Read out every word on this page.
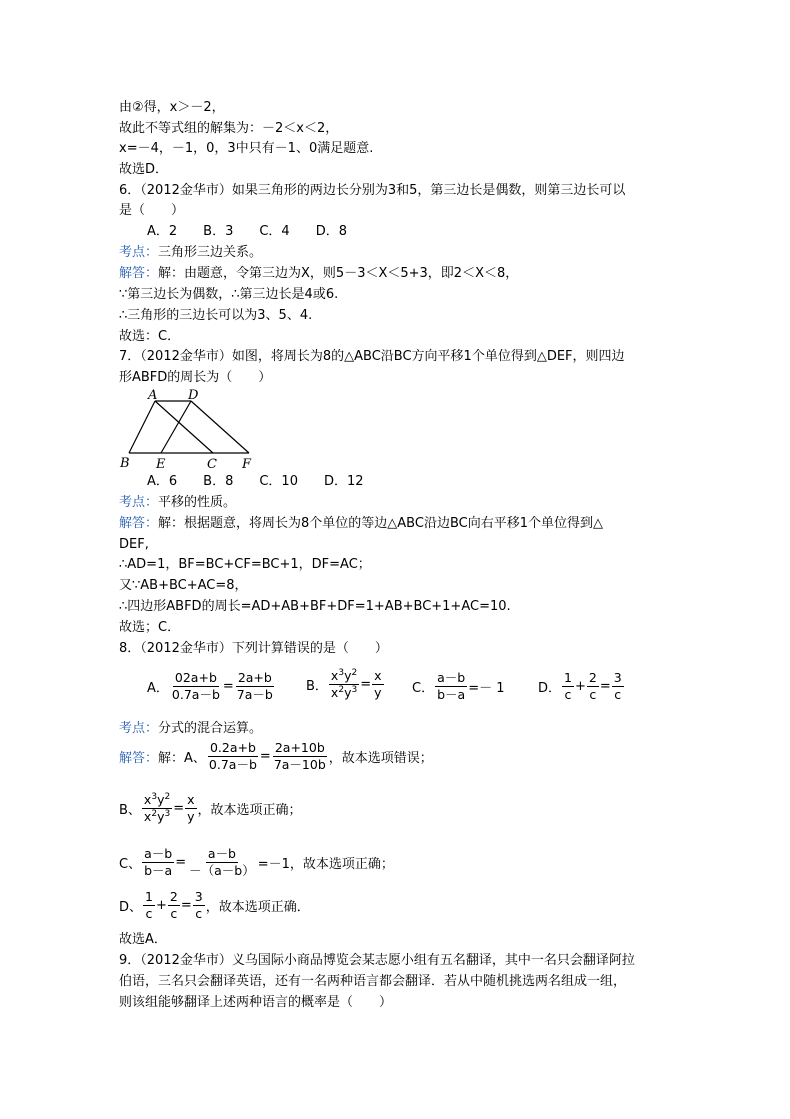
由②得，x＞－2，
故此不等式组的解集为：－2＜x＜2，
x=－4，－1，0，3中只有－1、0满足题意.
故选D．
6．（2012金华市）如果三角形的两边长分别为3和5，第三边长是偶数，则第三边长可以
是（　　）
A．2　　B．3　　C．4　　D．8
考点：三角形三边关系。
解答：解：由题意，令第三边为X，则5－3＜X＜5+3，即2＜X＜8，
∵第三边长为偶数，∴第三边长是4或6.
∴三角形的三边长可以为3、5、4.
故选：C．
7．（2012金华市）如图，将周长为8的△ABC沿BC方向平移1个单位得到△DEF，则四边
形ABFD的周长为（　　）
A D
B E	C F
A．6　　B．8　　C．10　　D．12
考点：平移的性质。
解答：解：根据题意，将周长为8个单位的等边△ABC沿边BC向右平移1个单位得到△
DEF,
∴AD=1，BF=BC+CF=BC+1，DF=AC；
又∵AB+BC+AC=8，
∴四边形ABFD的周长=AD+AB+BF+DF=1+AB+BC+1+AC=10.
故选；C．
8．（2012金华市）下列计算错误的是（　　）
A． $\frac{02a+b}{0.7a-b} = \frac{2a+b}{7a-b}$ B． $\frac{x^3y^2}{x^2y^3} = \frac{x}{y}$ C． $\frac{a-b}{b-a} =- 1$	D． $\frac{1}{c} + \frac{2}{c} = \frac{3}{c}$
考点：分式的混合运算。
解答： 解：A、 $\frac{0.2a+b}{0.7a-b} = \frac{2a+10b}{7a-10b}$ ，故本选项错误；
B、 $\frac{x^3y^2}{x^2y^3} = \frac{x}{y}$ ，故本选项正确；
C、 $\frac{a-b}{b-a} = \frac{a-b}{-(a-b)} =-1$，故本选项正确；
D、 $\frac{1}{c} + \frac{2}{c} = \frac{3}{c}$ ，故本选项正确．
故选A．
9．（2012金华市）义乌国际小商品博览会某志愿小组有五名翻译，其中一名只会翻译阿拉
伯语，三名只会翻译英语，还有一名两种语言都会翻译．若从中随机挑选两名组成一组，
则该组能够翻译上述两种语言的概率是（　　）
